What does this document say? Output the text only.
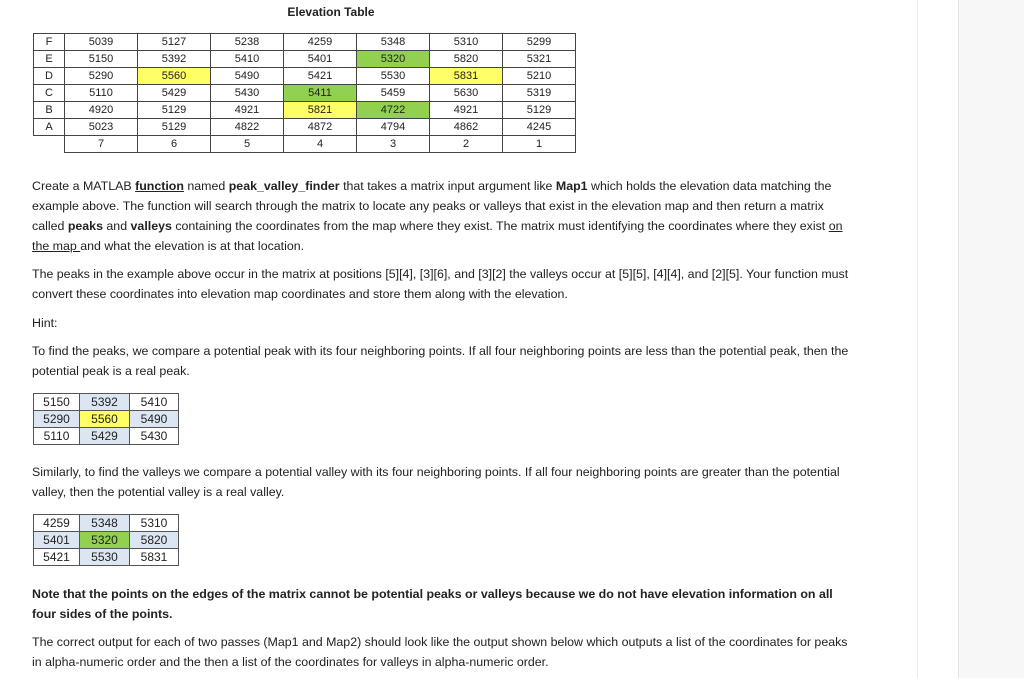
Elevation Table
F	5039	5127	5238	4259	5348	5310	5299
E	5150	5392	5410	5401	5320	5820	5321
D	5290	5560	5490	5421	5530	5831	5210
C	5110	5429	5430	5411	5459	5630	5319
B	4920	5129	4921	5821	4722	4921	5129
A	5023	5129	4822	4872	4794	4862	4245
	7	6	5	4	3	2	1
Create a MATLAB function named peak_valley_finder that takes a matrix input argument like Map1 which holds the elevation data matching the example above. The function will search through the matrix to locate any peaks or valleys that exist in the elevation map and then return a matrix called peaks and valleys containing the coordinates from the map where they exist. The matrix must identifying the coordinates where they exist on the map and what the elevation is at that location.
The peaks in the example above occur in the matrix at positions [5][4], [3][6], and [3][2] the valleys occur at [5][5], [4][4], and [2][5]. Your function must convert these coordinates into elevation map coordinates and store them along with the elevation.
Hint:
To find the peaks, we compare a potential peak with its four neighboring points. If all four neighboring points are less than the potential peak, then the potential peak is a real peak.
5150	5392	5410
5290	5560	5490
5110	5429	5430
Similarly, to find the valleys we compare a potential valley with its four neighboring points. If all four neighboring points are greater than the potential valley, then the potential valley is a real valley.
4259	5348	5310
5401	5320	5820
5421	5530	5831
Note that the points on the edges of the matrix cannot be potential peaks or valleys because we do not have elevation information on all four sides of the points.
The correct output for each of two passes (Map1 and Map2) should look like the output shown below which outputs a list of the coordinates for peaks in alpha-numeric order and the then a list of the coordinates for valleys in alpha-numeric order.
